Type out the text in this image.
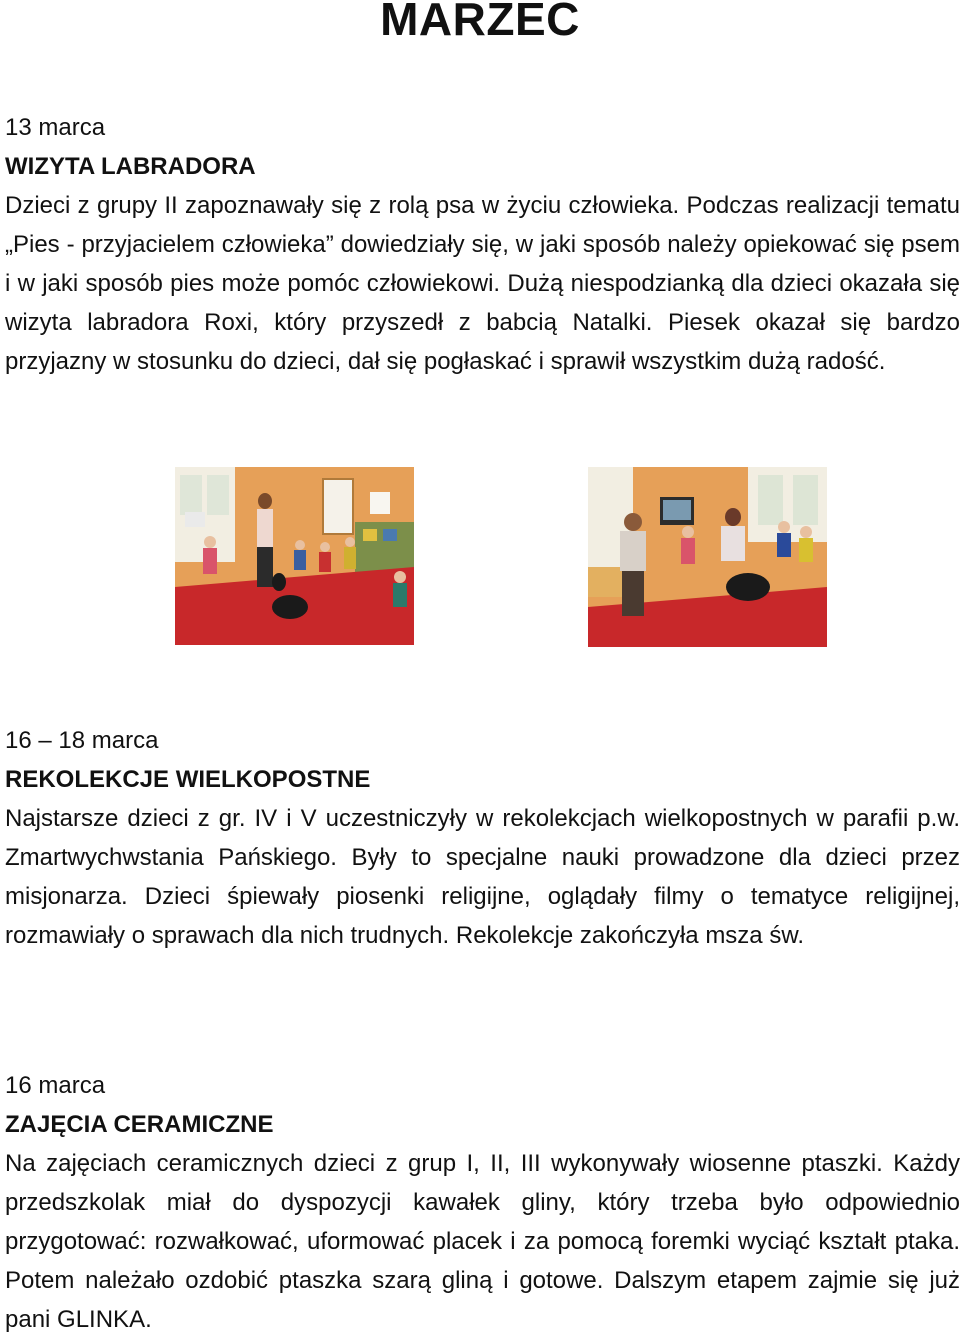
MARZEC
13 marca
WIZYTA LABRADORA

Dzieci z grupy II zapoznawały się z rolą psa w życiu człowieka. Podczas realizacji tematu „Pies - przyjacielem człowieka” dowiedziały się, w jaki sposób należy opiekować się psem i w jaki sposób pies może pomóc człowiekowi. Dużą niespodzianką dla dzieci okazała się wizyta labradora Roxi, który przyszedł z babcią Natalki. Piesek okazał się bardzo przyjazny w stosunku do dzieci, dał się pogłaskać i sprawił wszystkim dużą radość.

16 – 18 marca
REKOLEKCJE WIELKOPOSTNE

Najstarsze dzieci z gr. IV i V uczestniczyły w rekolekcjach wielkopostnych w parafii p.w. Zmartwychwstania Pańskiego. Były to specjalne nauki prowadzone dla dzieci przez misjonarza. Dzieci śpiewały piosenki religijne, oglądały filmy o tematyce religijnej, rozmawiały o sprawach dla nich trudnych. Rekolekcje zakończyła msza św.

16 marca
ZAJĘCIA CERAMICZNE

Na zajęciach ceramicznych dzieci z grup I, II, III wykonywały wiosenne ptaszki. Każdy przedszkolak miał do dyspozycji kawałek gliny, który trzeba było odpowiednio przygotować: rozwałkować, uformować placek i za pomocą foremki wyciąć kształt ptaka. Potem należało ozdobić ptaszka szarą gliną i gotowe. Dalszym etapem zajmie się już pani GLINKA.
